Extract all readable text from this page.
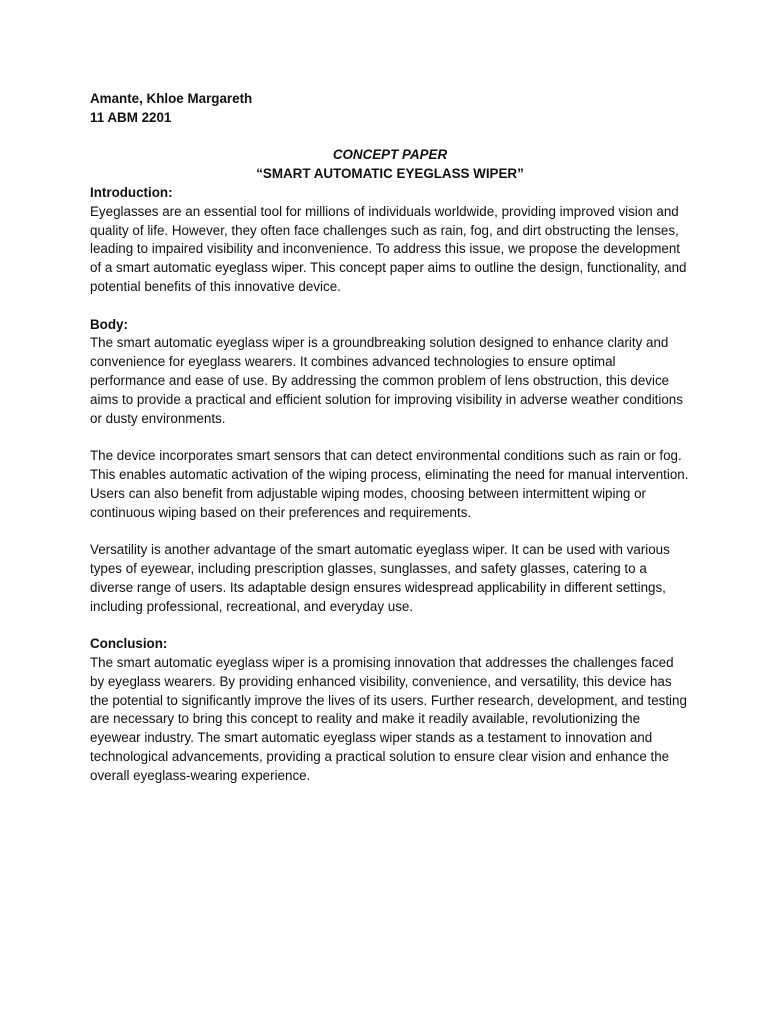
Amante, Khloe Margareth

11 ABM 2201

CONCEPT PAPER

“SMART AUTOMATIC EYEGLASS WIPER”

Introduction:

Eyeglasses are an essential tool for millions of individuals worldwide, providing improved vision and quality of life. However, they often face challenges such as rain, fog, and dirt obstructing the lenses, leading to impaired visibility and inconvenience. To address this issue, we propose the development of a smart automatic eyeglass wiper. This concept paper aims to outline the design, functionality, and potential benefits of this innovative device.

Body:

The smart automatic eyeglass wiper is a groundbreaking solution designed to enhance clarity and convenience for eyeglass wearers. It combines advanced technologies to ensure optimal performance and ease of use. By addressing the common problem of lens obstruction, this device aims to provide a practical and efficient solution for improving visibility in adverse weather conditions or dusty environments.

The device incorporates smart sensors that can detect environmental conditions such as rain or fog. This enables automatic activation of the wiping process, eliminating the need for manual intervention. Users can also benefit from adjustable wiping modes, choosing between intermittent wiping or continuous wiping based on their preferences and requirements.

Versatility is another advantage of the smart automatic eyeglass wiper. It can be used with various types of eyewear, including prescription glasses, sunglasses, and safety glasses, catering to a diverse range of users. Its adaptable design ensures widespread applicability in different settings, including professional, recreational, and everyday use.

Conclusion:

The smart automatic eyeglass wiper is a promising innovation that addresses the challenges faced by eyeglass wearers. By providing enhanced visibility, convenience, and versatility, this device has the potential to significantly improve the lives of its users. Further research, development, and testing are necessary to bring this concept to reality and make it readily available, revolutionizing the eyewear industry. The smart automatic eyeglass wiper stands as a testament to innovation and technological advancements, providing a practical solution to ensure clear vision and enhance the overall eyeglass-wearing experience.
